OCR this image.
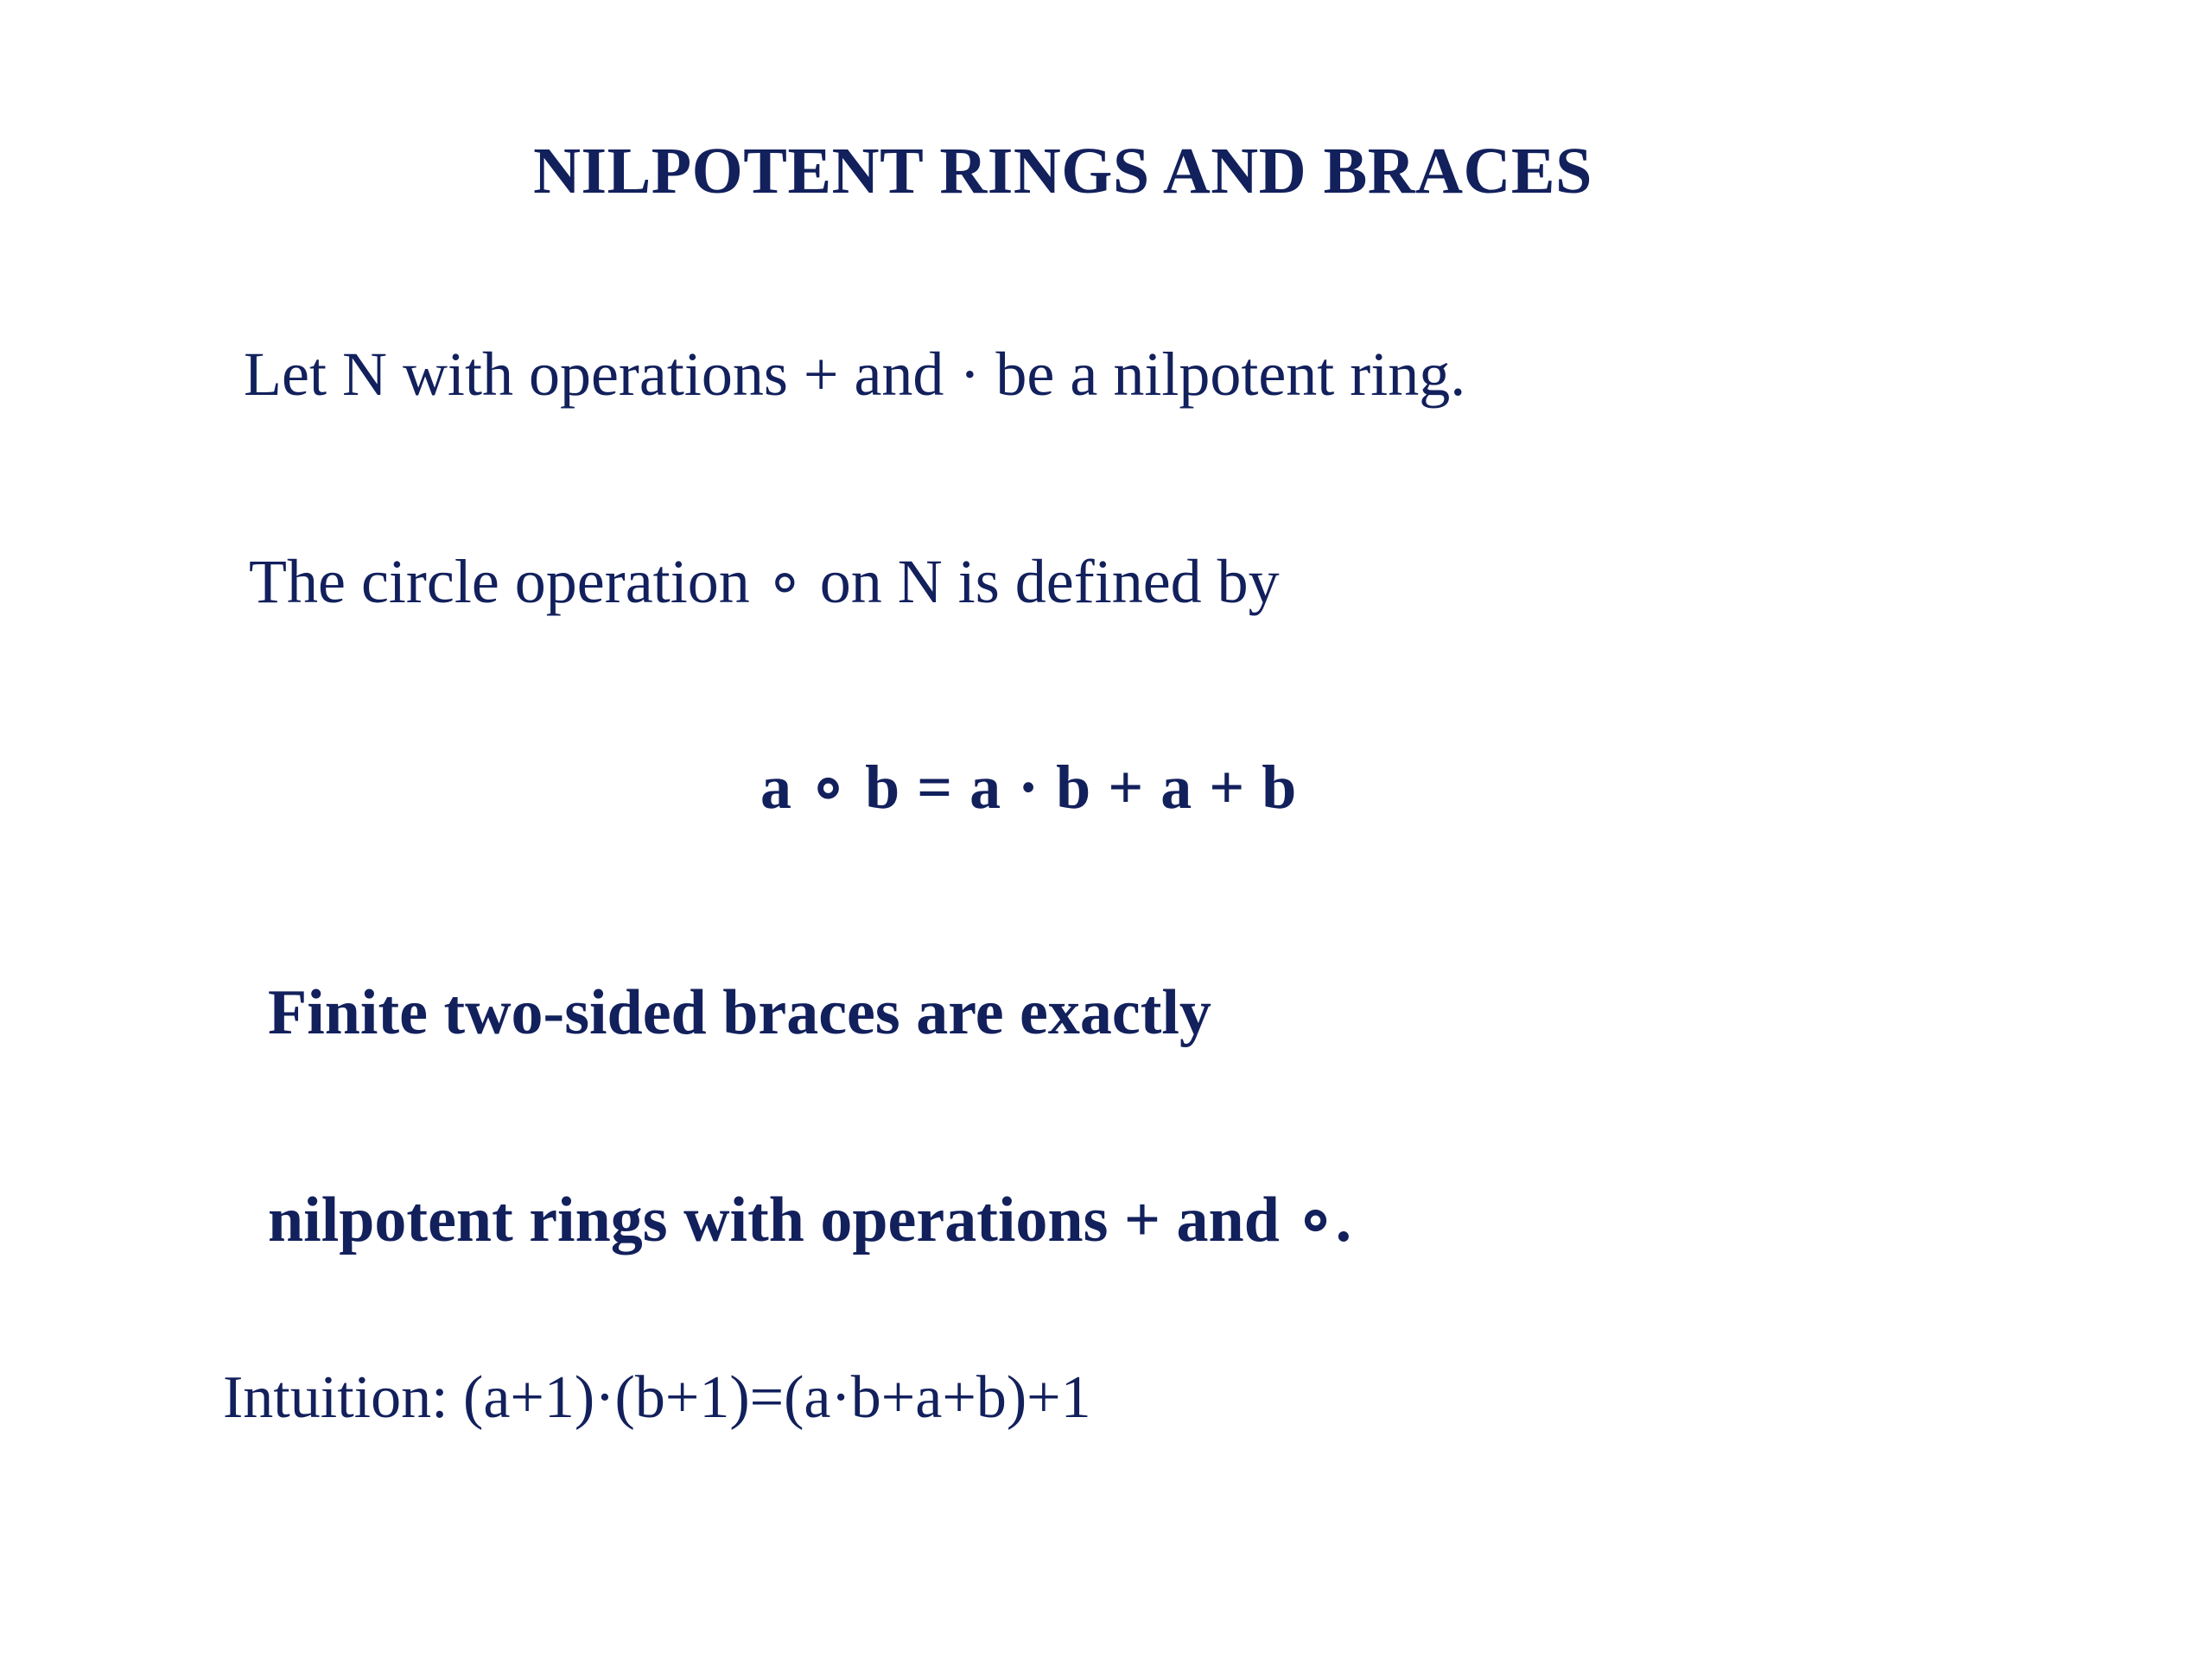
NILPOTENT RINGS AND BRACES
Let N with operations + and · be a nilpotent ring.
The circle operation ∘ on N is defined by
a ∘ b = a · b + a + b
Finite two-sided braces are exactly
nilpotent rings with operations + and ∘.
Intuition: (a+1)·(b+1)=(a·b+a+b)+1
